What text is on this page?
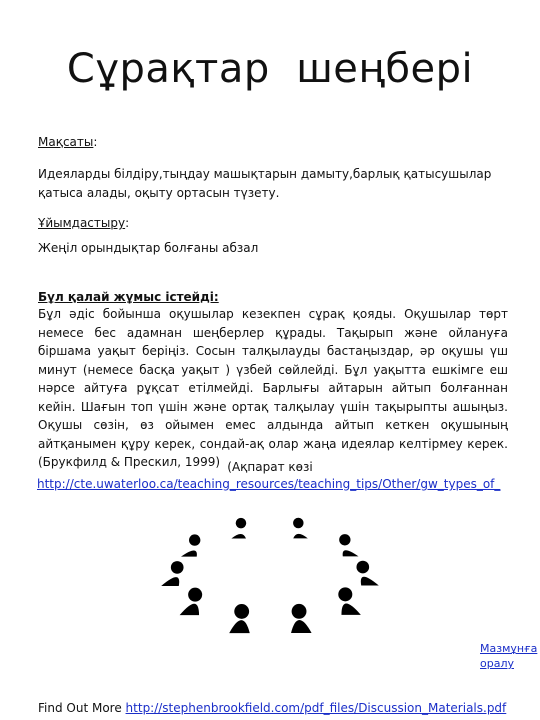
Сұрақтар  шеңбері
Мақсаты:
Идеяларды білдіру,тыңдау машықтарын дамыту,барлық қатысушылар қатыса алады, оқыту ортасын түзету.
Ұйымдастыру:
Жеңіл орындықтар болғаны абзал
Бұл қалай жұмыс істейді:
Бұл әдіс бойынша оқушылар кезекпен сұрақ қояды. Оқушылар төрт немесе бес адамнан шеңберлер құрады. Тақырып және ойлануға біршама уақыт беріңіз. Сосын талқылауды бастаңыздар, әр оқушы үш минут (немесе басқа уақыт ) үзбей сөйлейді. Бұл уақытта ешкімге еш нәрсе айтуға рұқсат етілмейді. Барлығы айтарын айтып болғаннан кейін. Шағын топ үшін және ортақ талқылау үшін тақырыпты ашыңыз. Оқушы сөзін, өз ойымен емес алдында айтып кеткен оқушының айтқанымен құру керек, сондай-ақ олар жаңа идеялар келтірмеу керек. (Брукфилд & Прескил, 1999) (Ақпарат көзі
http://cte.uwaterloo.ca/teaching_resources/teaching_tips/Other/gw_types_of_
Мазмұнға оралу
Find Out More http://stephenbrookfield.com/pdf_files/Discussion_Materials.pdf
